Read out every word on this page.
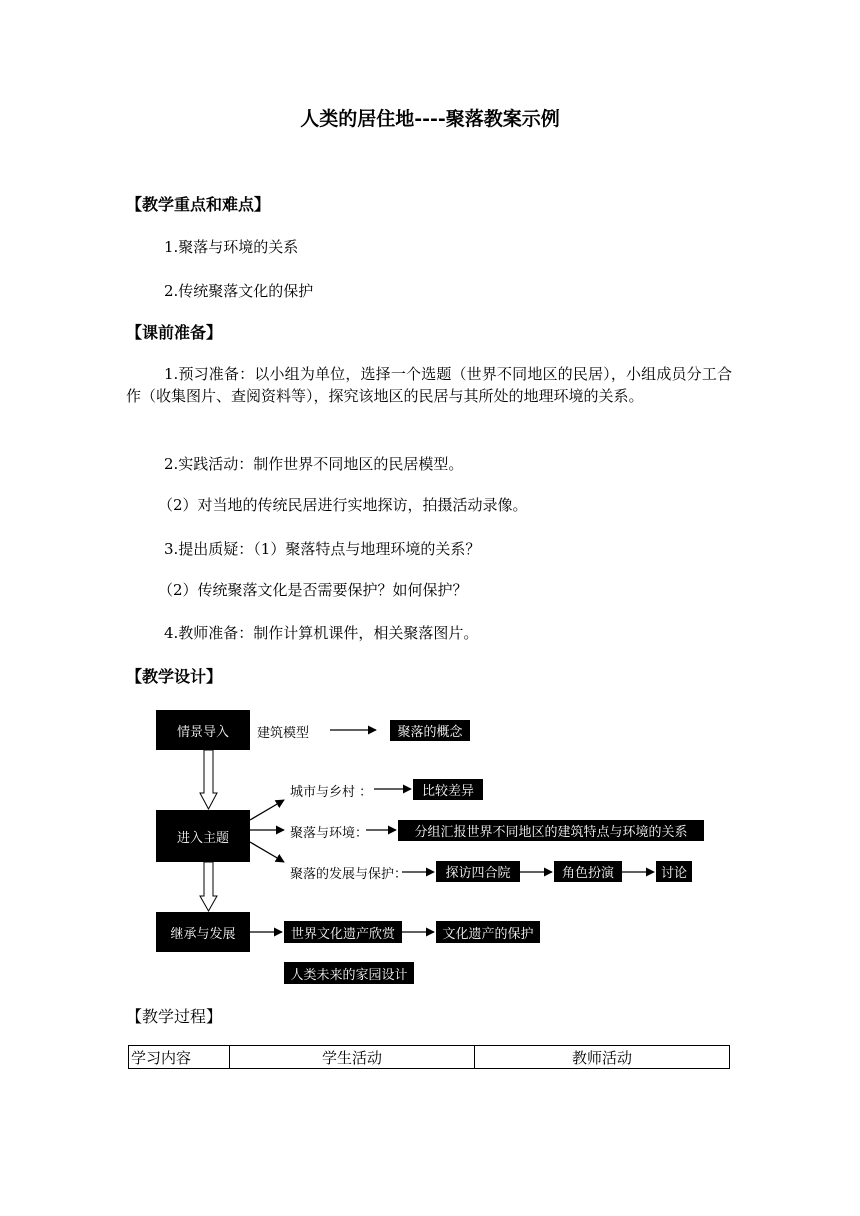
人类的居住地----聚落教案示例
【教学重点和难点】
1.聚落与环境的关系
2.传统聚落文化的保护
【课前准备】
1.预习准备：以小组为单位，选择一个选题（世界不同地区的民居），小组成员分工合作（收集图片、查阅资料等），探究该地区的民居与其所处的地理环境的关系。
2.实践活动：制作世界不同地区的民居模型。
（2）对当地的传统民居进行实地探访，拍摄活动录像。
3.提出质疑：（1）聚落特点与地理环境的关系？
（2）传统聚落文化是否需要保护？如何保护？
4.教师准备：制作计算机课件，相关聚落图片。
【教学设计】
情景导入	建筑模型	聚落的概念
城市与乡村 ：	比较差异
进入主题	聚落与环境：	分组汇报世界不同地区的建筑特点与环境的关系
聚落的发展与保护：	探访四合院	角色扮演	讨论
继承与发展	世界文化遗产欣赏	文化遗产的保护
人类未来的家园设计
【教学过程】
学习内容	学生活动	教师活动
